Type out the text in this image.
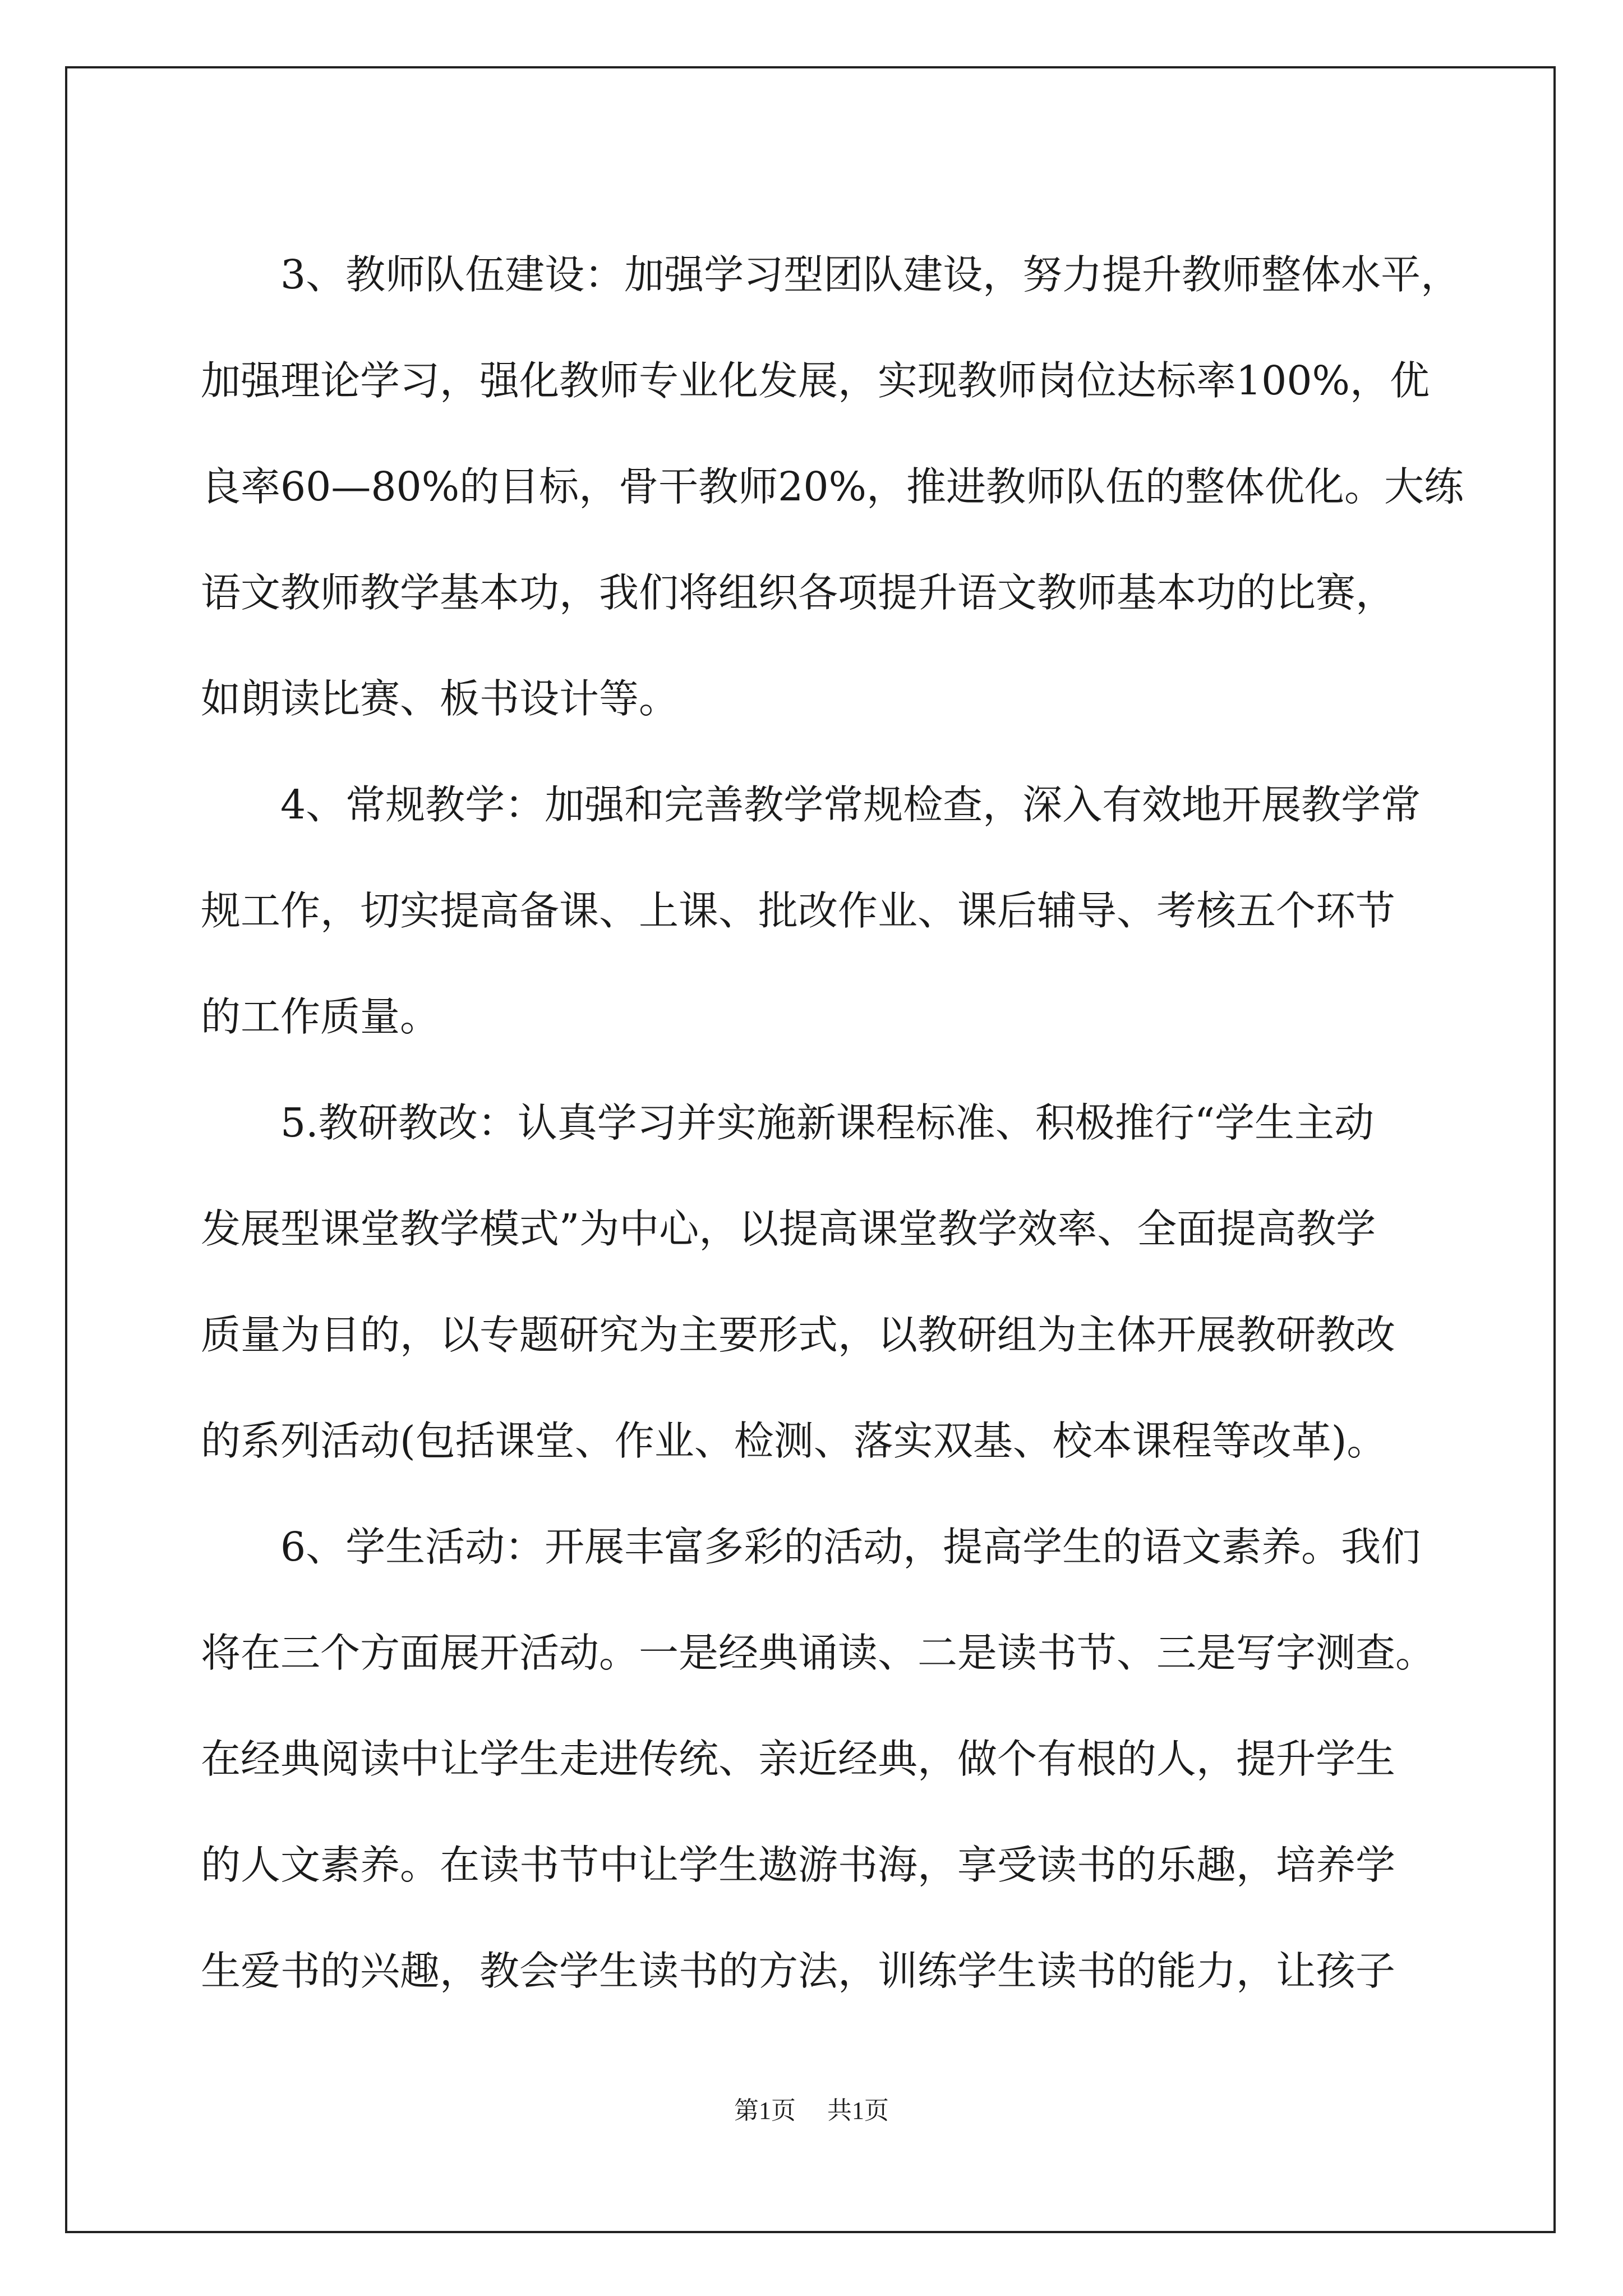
3、教师队伍建设：加强学习型团队建设，努力提升教师整体水平，
加强理论学习，强化教师专业化发展，实现教师岗位达标率100%，优
良率60—80%的目标，骨干教师20%，推进教师队伍的整体优化。大练
语文教师教学基本功，我们将组织各项提升语文教师基本功的比赛，
如朗读比赛、板书设计等。
4、常规教学：加强和完善教学常规检查，深入有效地开展教学常
规工作，切实提高备课、上课、批改作业、课后辅导、考核五个环节
的工作质量。
5.教研教改：认真学习并实施新课程标准、积极推行“学生主动
发展型课堂教学模式”为中心，以提高课堂教学效率、全面提高教学
质量为目的，以专题研究为主要形式，以教研组为主体开展教研教改
的系列活动(包括课堂、作业、检测、落实双基、校本课程等改革)。
6、学生活动：开展丰富多彩的活动，提高学生的语文素养。我们
将在三个方面展开活动。一是经典诵读、二是读书节、三是写字测查。
在经典阅读中让学生走进传统、亲近经典，做个有根的人，提升学生
的人文素养。在读书节中让学生遨游书海，享受读书的乐趣，培养学
生爱书的兴趣，教会学生读书的方法，训练学生读书的能力，让孩子
第1页 共1页
